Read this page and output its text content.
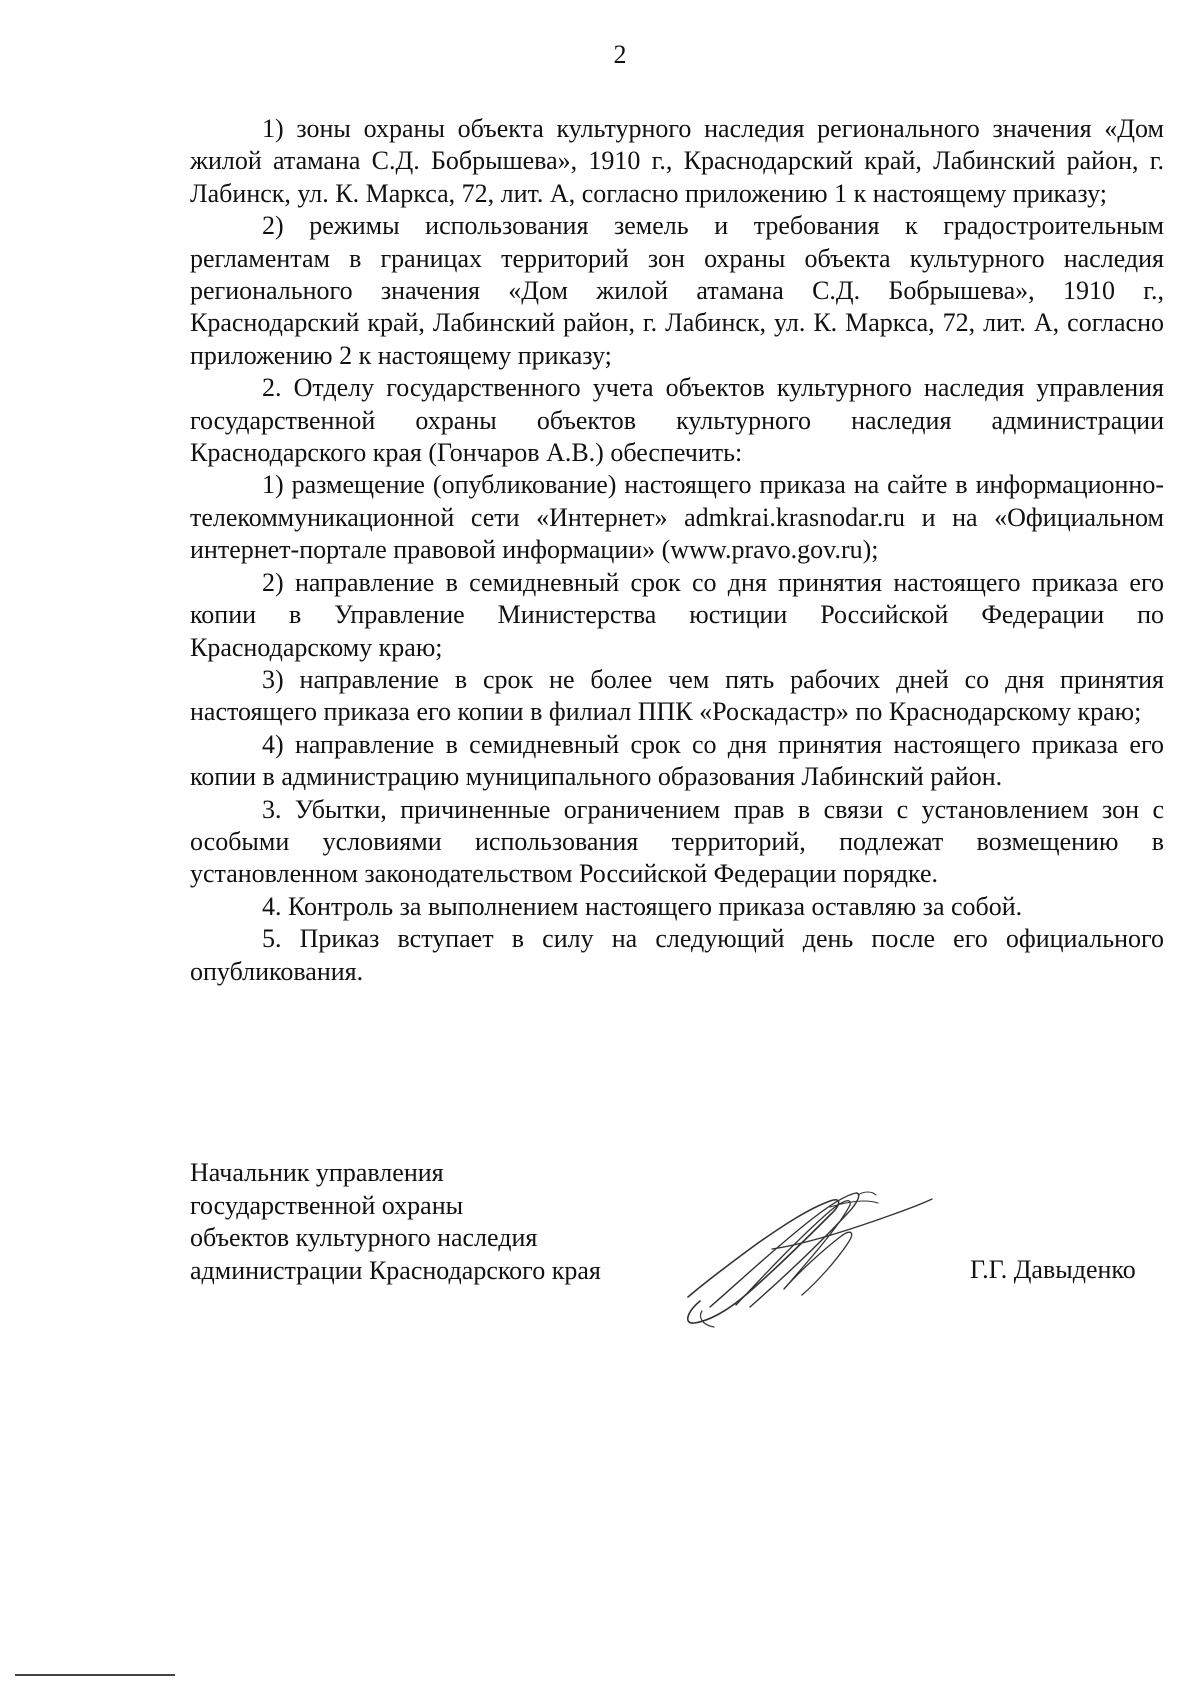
2

1) зоны охраны объекта культурного наследия регионального значения «Дом жилой атамана С.Д. Бобрышева», 1910 г., Краснодарский край, Лабинский район, г. Лабинск, ул. К. Маркса, 72, лит. А, согласно приложению 1 к настоящему приказу;

2) режимы использования земель и требования к градостроительным регламентам в границах территорий зон охраны объекта культурного наследия регионального значения «Дом жилой атамана С.Д. Бобрышева», 1910 г., Краснодарский край, Лабинский район, г. Лабинск, ул. К. Маркса, 72, лит. А, согласно приложению 2 к настоящему приказу;

2. Отделу государственного учета объектов культурного наследия управления государственной охраны объектов культурного наследия администрации Краснодарского края (Гончаров А.В.) обеспечить:

1) размещение (опубликование) настоящего приказа на сайте в информационно-телекоммуникационной сети «Интернет» admkrai.krasnodar.ru и на «Официальном интернет-портале правовой информации» (www.pravo.gov.ru);

2) направление в семидневный срок со дня принятия настоящего приказа его копии в Управление Министерства юстиции Российской Федерации по Краснодарскому краю;

3) направление в срок не более чем пять рабочих дней со дня принятия настоящего приказа его копии в филиал ППК «Роскадастр» по Краснодарскому краю;

4) направление в семидневный срок со дня принятия настоящего приказа его копии в администрацию муниципального образования Лабинский район.

3. Убытки, причиненные ограничением прав в связи с установлением зон с особыми условиями использования территорий, подлежат возмещению в установленном законодательством Российской Федерации порядке.

4. Контроль за выполнением настоящего приказа оставляю за собой.

5. Приказ вступает в силу на следующий день после его официального опубликования.

Начальник управления
государственной охраны
объектов культурного наследия
администрации Краснодарского края	Г.Г. Давыденко
